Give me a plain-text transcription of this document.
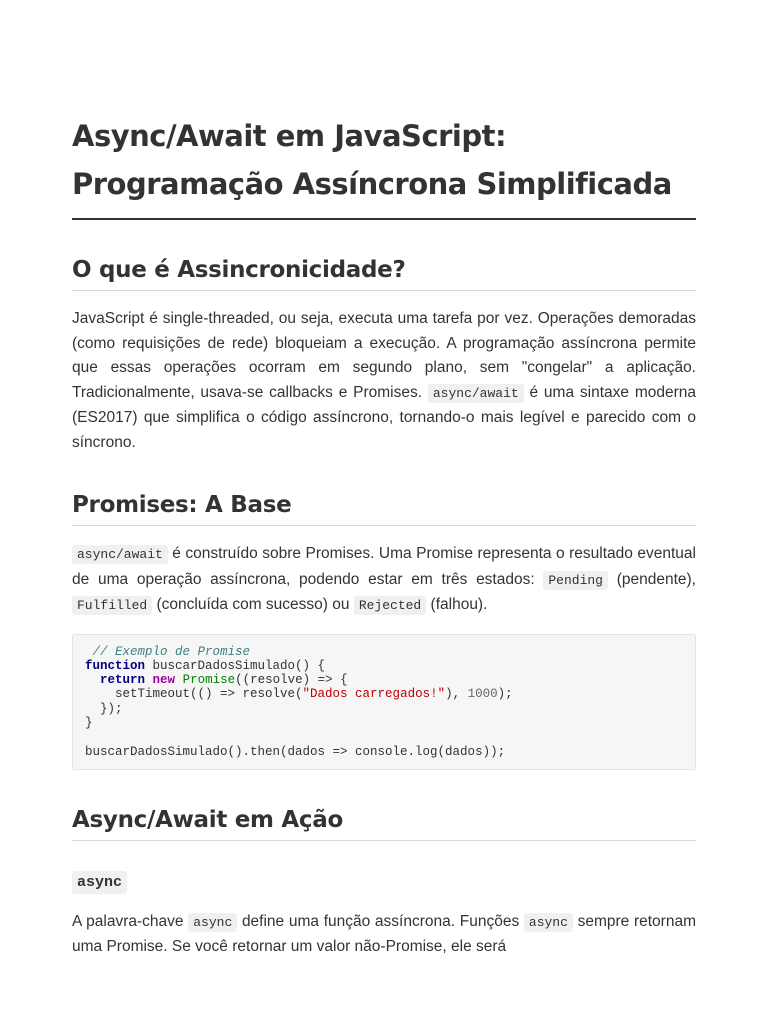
Async/Await em JavaScript:
Programação Assíncrona Simplificada
O que é Assincronicidade?

JavaScript é single-threaded, ou seja, executa uma tarefa por vez. Operações demoradas (como requisições de rede) bloqueiam a execução. A programação assíncrona permite que essas operações ocorram em segundo plano, sem "congelar" a aplicação. Tradicionalmente, usava-se callbacks e Promises. async/await é uma sintaxe moderna (ES2017) que simplifica o código assíncrono, tornando-o mais legível e parecido com o síncrono.

Promises: A Base

async/await é construído sobre Promises. Uma Promise representa o resultado eventual de uma operação assíncrona, podendo estar em três estados: Pending (pendente), Fulfilled (concluída com sucesso) ou Rejected (falhou).

// Exemplo de Promise
function buscarDadosSimulado() {
return new Promise((resolve) => {
setTimeout(() => resolve("Dados carregados!"), 1000);
});
}

buscarDadosSimulado().then(dados => console.log(dados));
Async/Await em Ação
async

A palavra-chave async define uma função assíncrona. Funções async sempre retornam uma Promise. Se você retornar um valor não-Promise, ele será
